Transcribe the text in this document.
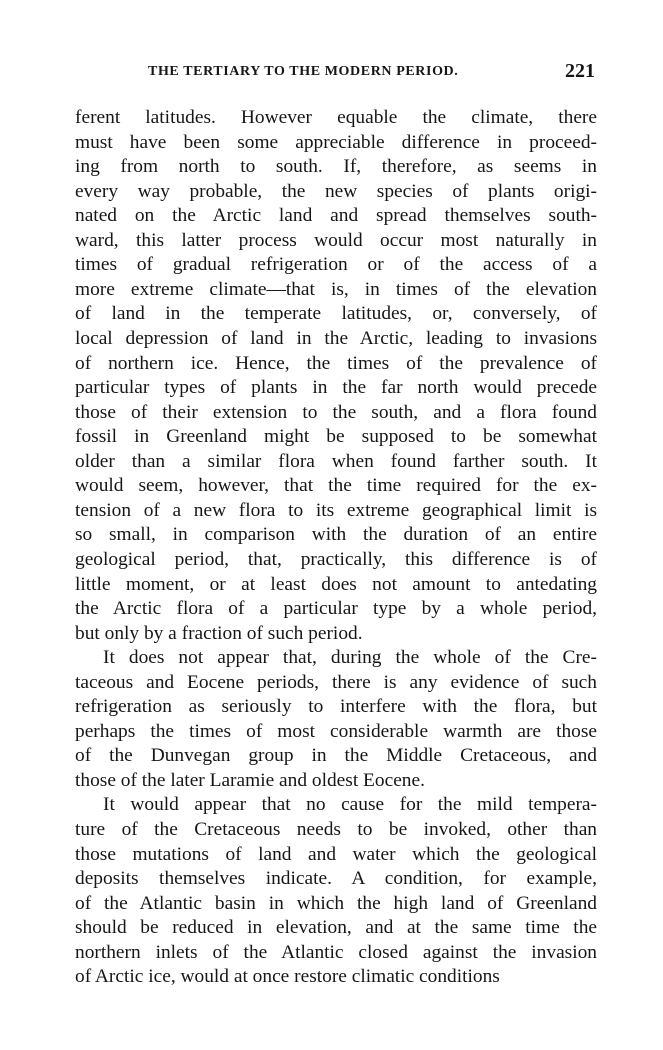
THE TERTIARY TO THE MODERN PERIOD.	221
ferent latitudes. However equable the climate, there
must have been some appreciable difference in proceed-
ing from north to south. If, therefore, as seems in
every way probable, the new species of plants origi-
nated on the Arctic land and spread themselves south-
ward, this latter process would occur most naturally in
times of gradual refrigeration or of the access of a
more extreme climate—that is, in times of the elevation
of land in the temperate latitudes, or, conversely, of
local depression of land in the Arctic, leading to invasions
of northern ice. Hence, the times of the prevalence of
particular types of plants in the far north would precede
those of their extension to the south, and a flora found
fossil in Greenland might be supposed to be somewhat
older than a similar flora when found farther south. It
would seem, however, that the time required for the ex-
tension of a new flora to its extreme geographical limit is
so small, in comparison with the duration of an entire
geological period, that, practically, this difference is of
little moment, or at least does not amount to antedating
the Arctic flora of a particular type by a whole period,
but only by a fraction of such period.
It does not appear that, during the whole of the Cre-
taceous and Eocene periods, there is any evidence of such
refrigeration as seriously to interfere with the flora, but
perhaps the times of most considerable warmth are those
of the Dunvegan group in the Middle Cretaceous, and
those of the later Laramie and oldest Eocene.
It would appear that no cause for the mild tempera-
ture of the Cretaceous needs to be invoked, other than
those mutations of land and water which the geological
deposits themselves indicate. A condition, for example,
of the Atlantic basin in which the high land of Greenland
should be reduced in elevation, and at the same time the
northern inlets of the Atlantic closed against the invasion
of Arctic ice, would at once restore climatic conditions
